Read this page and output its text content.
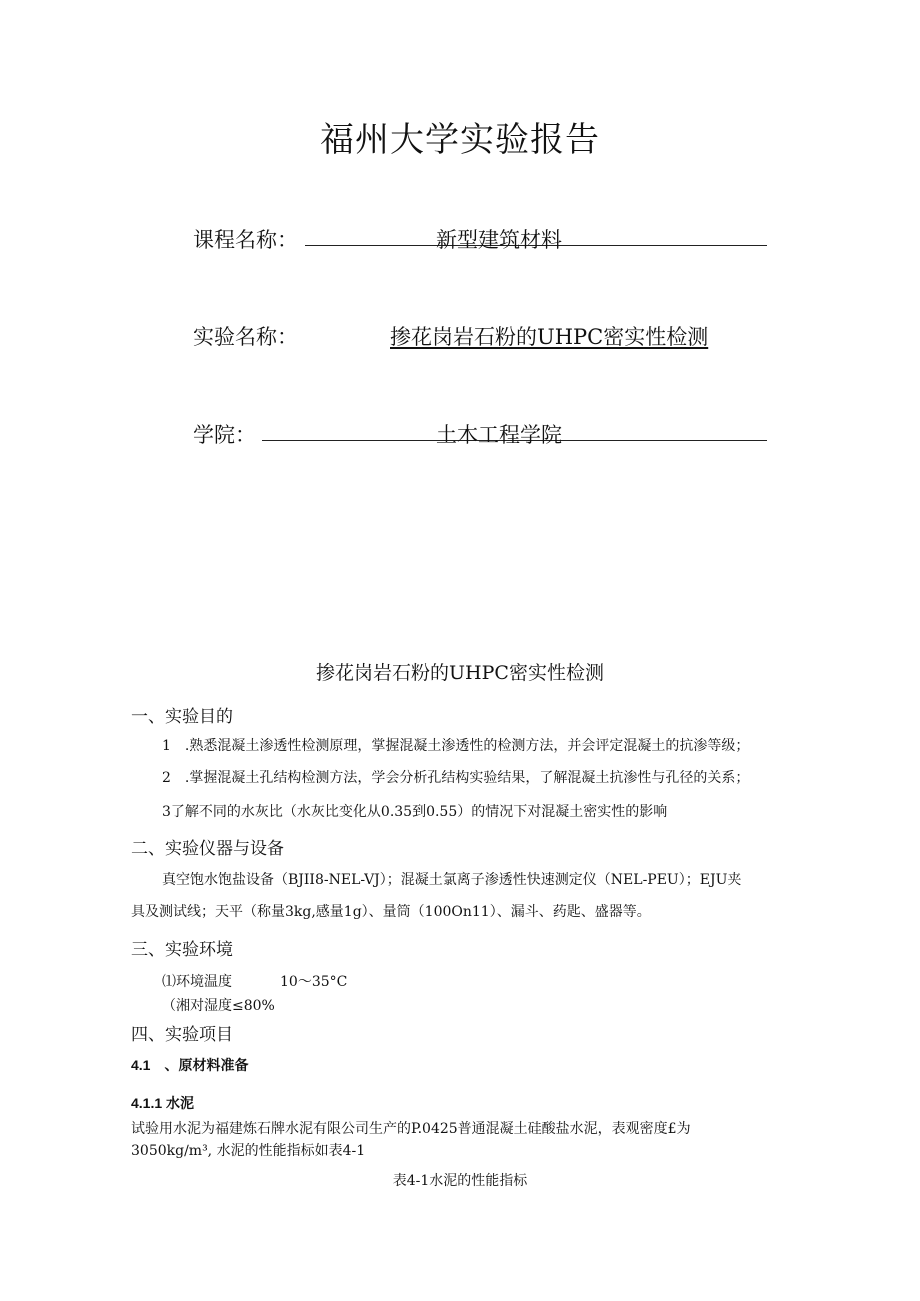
福州大学实验报告
课程名称：	新型建筑材料
实验名称：	掺花岗岩石粉的UHPC密实性检测
学院：	土木工程学院
掺花岗岩石粉的UHPC密实性检测
一、实验目的
1　.熟悉混凝土渗透性检测原理，掌握混凝土渗透性的检测方法，并会评定混凝土的抗渗等级；
2　.掌握混凝土孔结构检测方法，学会分析孔结构实验结果，了解混凝土抗渗性与孔径的关系；
3了解不同的水灰比（水灰比变化从0.35到0.55）的情况下对混凝土密实性的影响
二、实验仪器与设备
真空饱水饱盐设备（BJII8-NEL-VJ）；混凝土氯离子渗透性快速测定仪（NEL-PEU）；EJU夹
具及测试线；天平（称量3kg,感量1g）、量筒（100On11）、漏斗、药匙、盛器等。
三、实验环境
⑴环境温度	10～35°C
（湘对湿度≤80%
四、实验项目
4.1　、原材料准备
4.1.1 水泥
试验用水泥为福建炼石牌水泥有限公司生产的P.0425普通混凝土硅酸盐水泥，表观密度£为
3050kg∕m³, 水泥的性能指标如表4-1
表4-1水泥的性能指标
